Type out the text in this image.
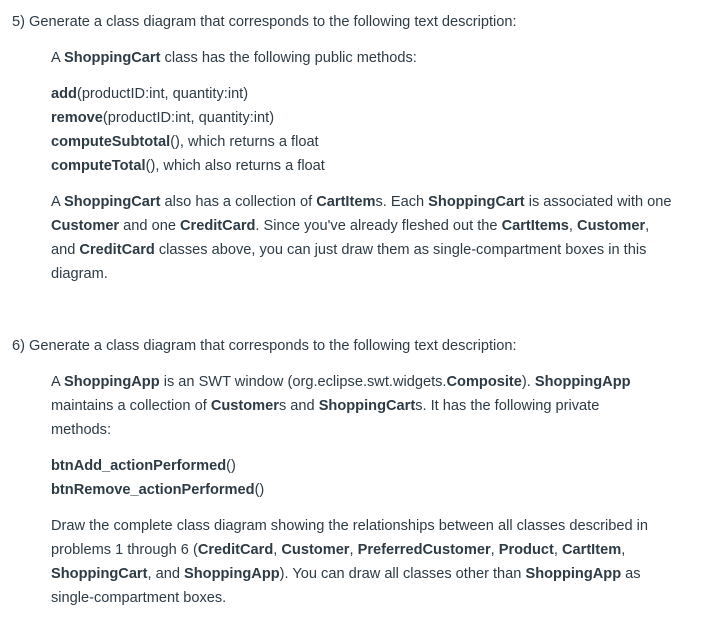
5) Generate a class diagram that corresponds to the following text description:

A ShoppingCart class has the following public methods:

add(productID:int, quantity:int)
remove(productID:int, quantity:int)
computeSubtotal(), which returns a float
computeTotal(), which also returns a float
A ShoppingCart also has a collection of CartItems. Each ShoppingCart is associated with one
Customer and one CreditCard. Since you've already fleshed out the CartItems, Customer,
and CreditCard classes above, you can just draw them as single-compartment boxes in this
diagram.

6) Generate a class diagram that corresponds to the following text description:

A ShoppingApp is an SWT window (org.eclipse.swt.widgets.Composite). ShoppingApp
maintains a collection of Customers and ShoppingCarts. It has the following private
methods:
btnAdd_actionPerformed()
btnRemove_actionPerformed()
Draw the complete class diagram showing the relationships between all classes described in
problems 1 through 6 (CreditCard, Customer, PreferredCustomer, Product, CartItem,
ShoppingCart, and ShoppingApp). You can draw all classes other than ShoppingApp as
single-compartment boxes.
